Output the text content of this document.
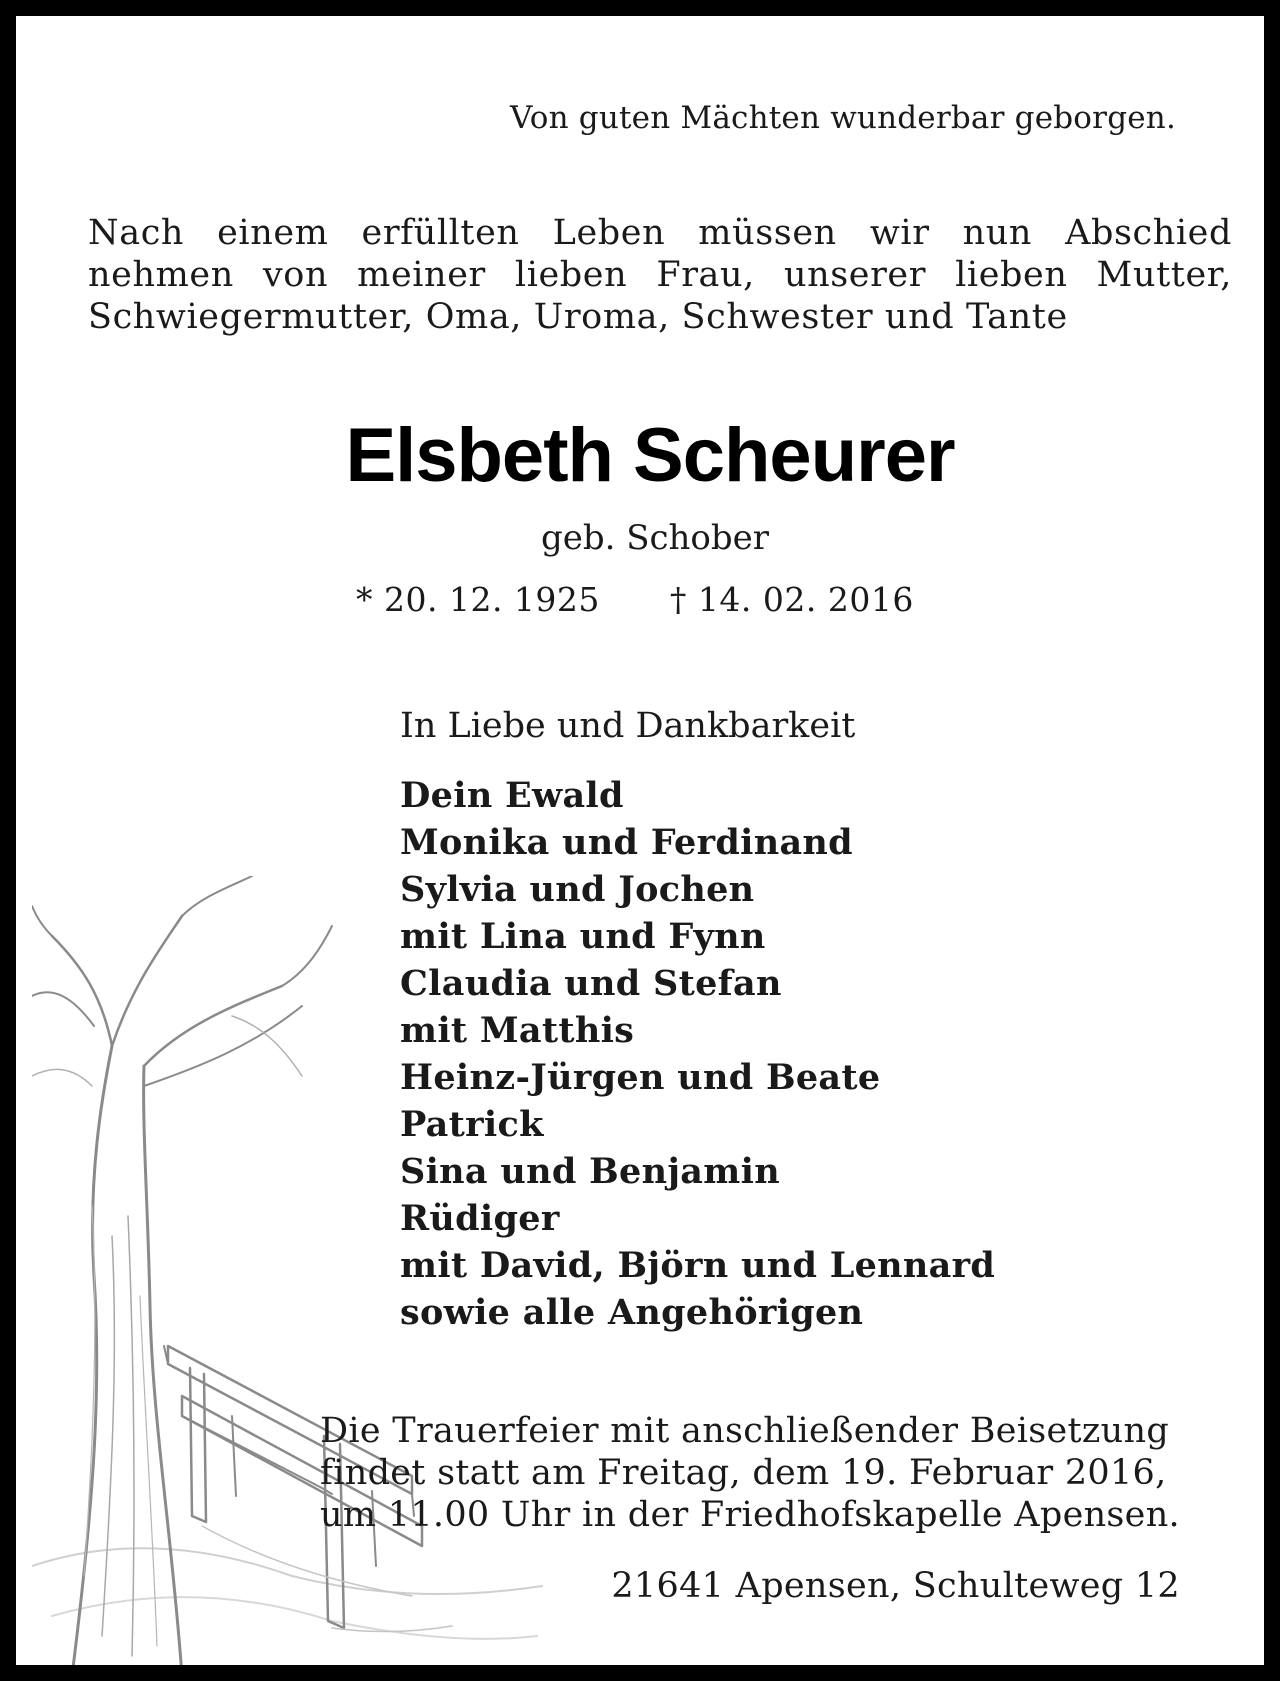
Von guten Mächten wunderbar geborgen.
Nach einem erfüllten Leben müssen wir nun Abschied
nehmen von meiner lieben Frau, unserer lieben Mutter,
Schwiegermutter, Oma, Uroma, Schwester und Tante
Elsbeth Scheurer
geb. Schober
* 20. 12. 1925 † 14. 02. 2016
In Liebe und Dankbarkeit
Dein Ewald
Monika und Ferdinand
Sylvia und Jochen
mit Lina und Fynn
Claudia und Stefan
mit Matthis
Heinz-Jürgen und Beate
Patrick
Sina und Benjamin
Rüdiger
mit David, Björn und Lennard
sowie alle Angehörigen
Die Trauerfeier mit anschließender Beisetzung
findet statt am Freitag, dem 19. Februar 2016,
um 11.00 Uhr in der Friedhofskapelle Apensen.
21641 Apensen, Schulteweg 12
